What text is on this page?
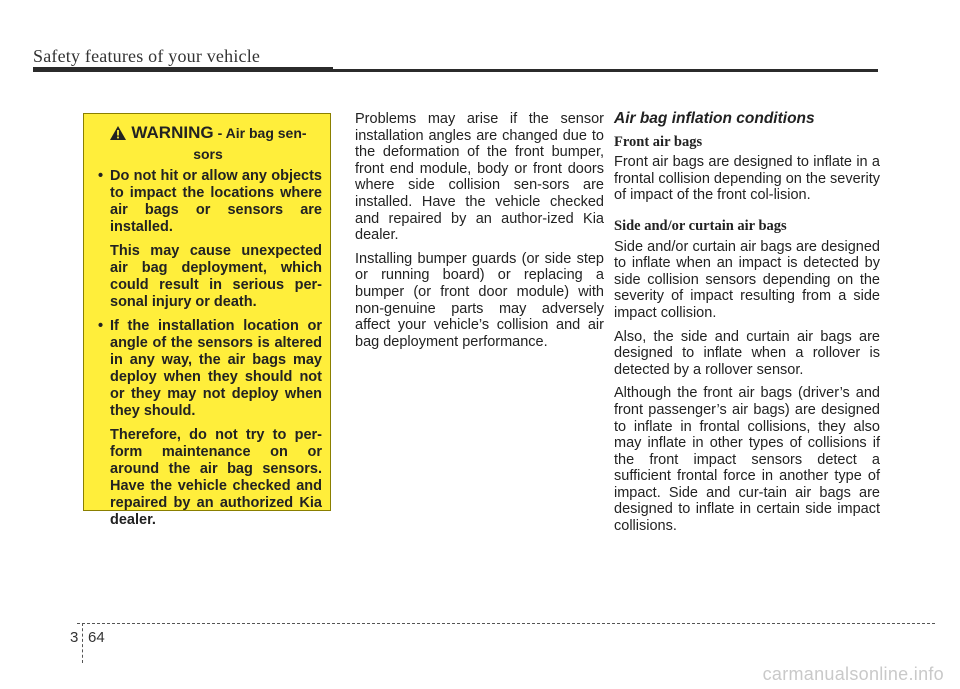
Safety features of your vehicle
WARNING - Air bag sen-
sors
• Do not hit or allow any objects to impact the locations where air bags or sensors are installed.

This may cause unexpected air bag deployment, which could result in serious per-sonal injury or death.

• If the installation location or angle of the sensors is altered in any way, the air bags may deploy when they should not or they may not deploy when they should.

Therefore, do not try to per-form maintenance on or around the air bag sensors. Have the vehicle checked and repaired by an authorized Kia dealer.

Problems may arise if the sensor installation angles are changed due to the deformation of the front bumper, front end module, body or front doors where side collision sen-sors are installed. Have the vehicle checked and repaired by an author-ized Kia dealer.

Installing bumper guards (or side step or running board) or replacing a bumper (or front door module) with non-genuine parts may adversely affect your vehicle’s collision and air bag deployment performance.

Air bag inflation conditions
Front air bags

Front air bags are designed to inflate in a frontal collision depending on the severity of impact of the front col-lision.

Side and/or curtain air bags

Side and/or curtain air bags are designed to inflate when an impact is detected by side collision sensors depending on the severity of impact resulting from a side impact collision.

Also, the side and curtain air bags are designed to inflate when a rollover is detected by a rollover sensor.

Although the front air bags (driver’s and front passenger’s air bags) are designed to inflate in frontal collisions, they also may inflate in other types of collisions if the front impact sensors detect a sufficient frontal force in another type of impact. Side and cur-tain air bags are designed to inflate in certain side impact collisions.

3 64
carmanualsonline.info
